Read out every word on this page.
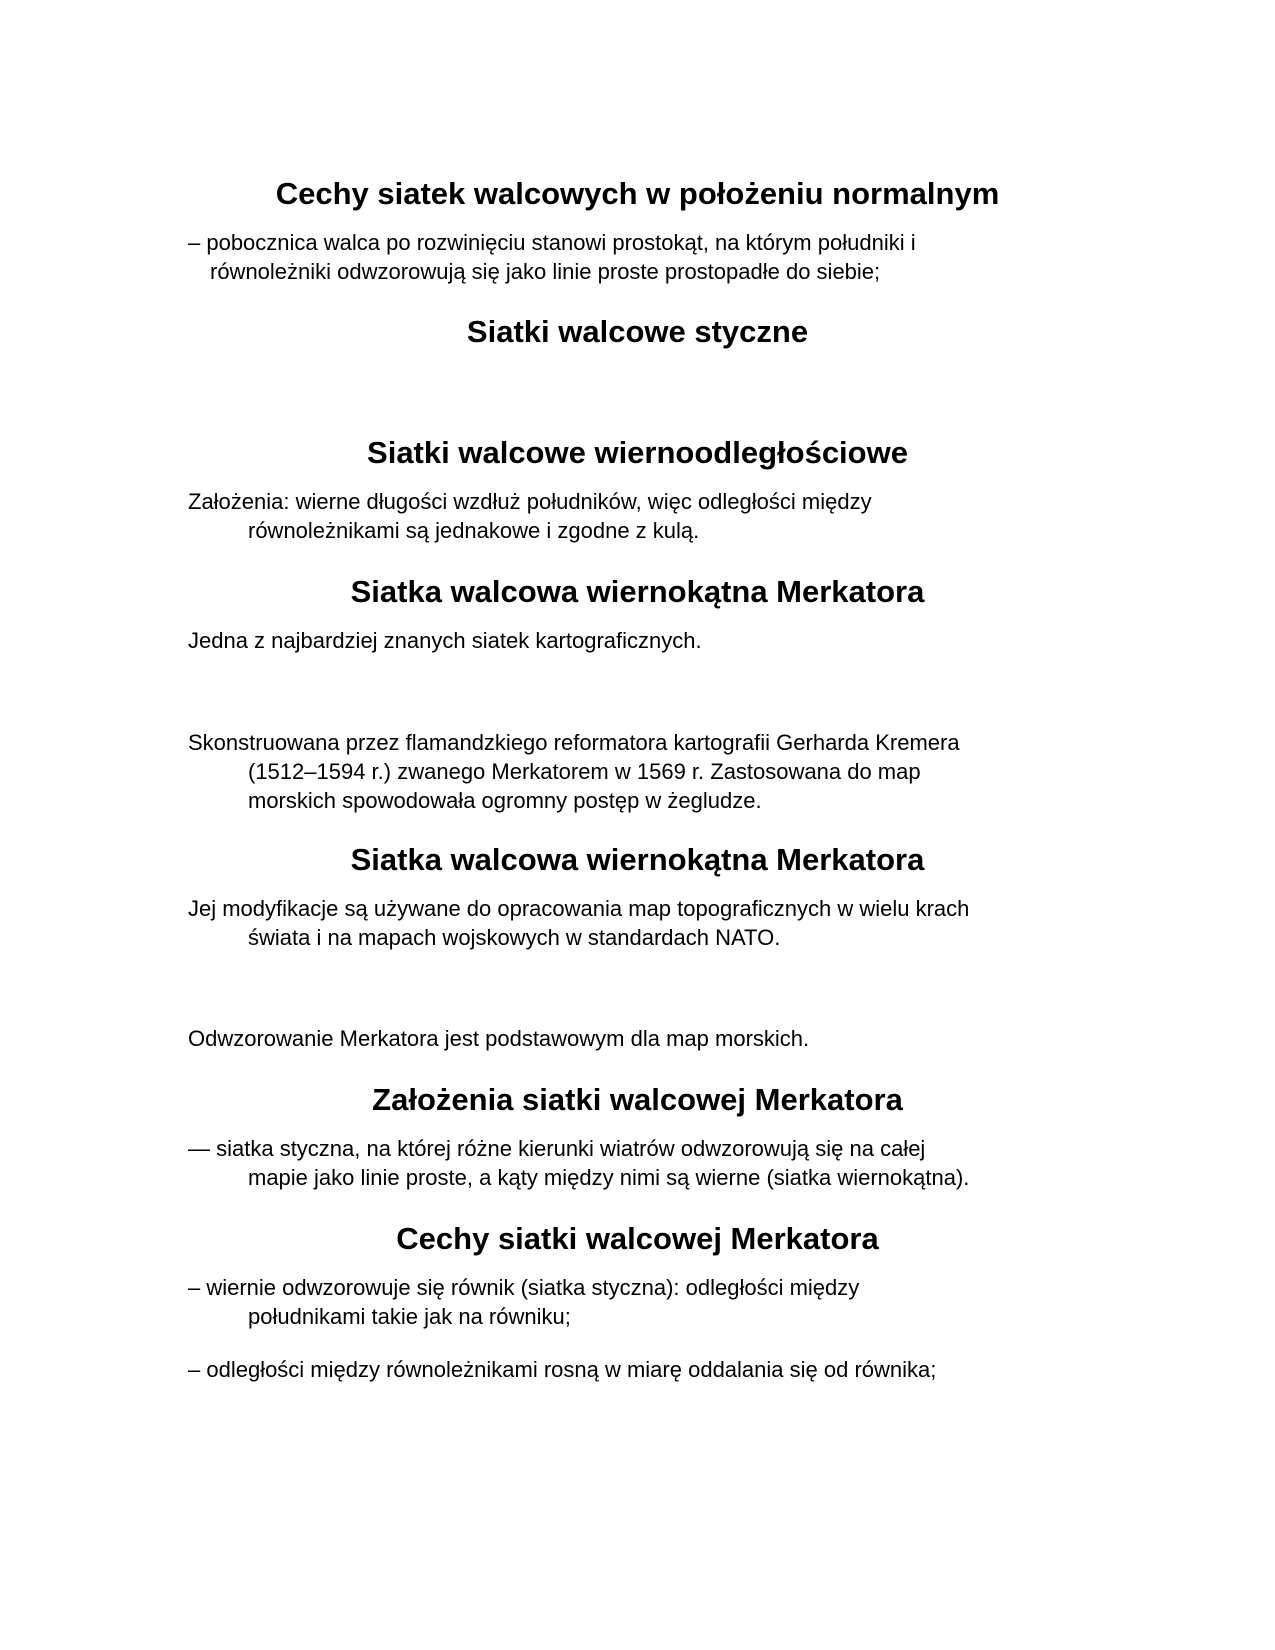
Cechy siatek walcowych w położeniu normalnym
– pobocznica walca po rozwinięciu stanowi prostokąt, na którym południki i
równoleżniki odwzorowują się jako linie proste prostopadłe do siebie;
Siatki walcowe styczne
Siatki walcowe wiernoodległościowe
Założenia: wierne długości wzdłuż południków, więc odległości między
równoleżnikami są jednakowe i zgodne z kulą.
Siatka walcowa wiernokątna Merkatora
Jedna z najbardziej znanych siatek kartograficznych.
Skonstruowana przez flamandzkiego reformatora kartografii Gerharda Kremera
(1512–1594 r.) zwanego Merkatorem w 1569 r. Zastosowana do map
morskich spowodowała ogromny postęp w żegludze.
Siatka walcowa wiernokątna Merkatora
Jej modyfikacje są używane do opracowania map topograficznych w wielu krach
świata i na mapach wojskowych w standardach NATO.
Odwzorowanie Merkatora jest podstawowym dla map morskich.
Założenia siatki walcowej Merkatora
— siatka styczna, na której różne kierunki wiatrów odwzorowują się na całej
mapie jako linie proste, a kąty między nimi są wierne (siatka wiernokątna).
Cechy siatki walcowej Merkatora
– wiernie odwzorowuje się równik (siatka styczna): odległości między
południkami takie jak na równiku;
– odległości między równoleżnikami rosną w miarę oddalania się od równika;
